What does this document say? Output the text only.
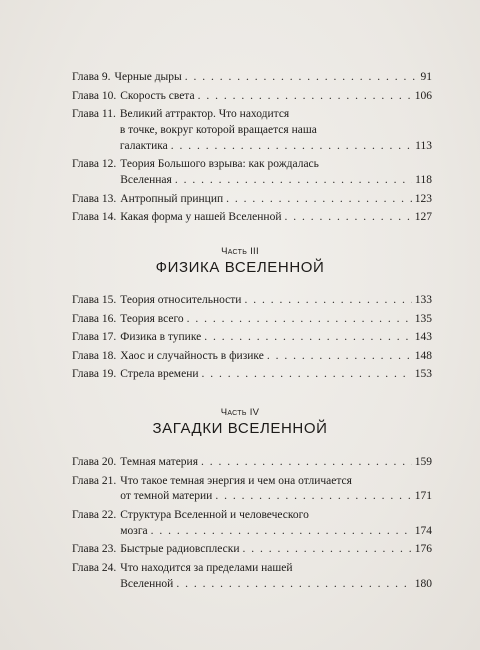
Глава 9. Черные дыры . . .	91
Глава 10. Скорость света . . .	106
Глава 11. Великий аттрактор. Что находится
в точке, вокруг которой вращается наша
галактика . . .	113
Глава 12. Теория Большого взрыва: как рождалась
Вселенная . . .	118
Глава 13. Антропный принцип . . .	123
Глава 14. Какая форма у нашей Вселенной . . .	127
Часть III
ФИЗИКА ВСЕЛЕННОЙ
Глава 15. Теория относительности . . .	133
Глава 16. Теория всего . . .	135
Глава 17. Физика в тупике . . .	143
Глава 18. Хаос и случайность в физике . . .	148
Глава 19. Стрела времени . . .	153
Часть IV
ЗАГАДКИ ВСЕЛЕННОЙ
Глава 20. Темная материя . . .	159
Глава 21. Что такое темная энергия и чем она отличается
от темной материи . . .	171
Глава 22. Структура Вселенной и человеческого
мозга . . .	174
Глава 23. Быстрые радиовсплески . . .	176
Глава 24. Что находится за пределами нашей
Вселенной . . .	180
